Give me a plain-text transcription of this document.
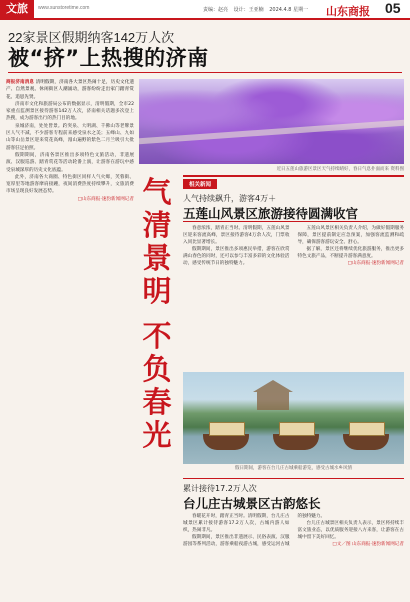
文旅	www.sunstoretime.com	责编：赵亮 设计：王亚楠 2024.4.8 星期一	山东商报 05
22家景区假期纳客142万人次
被“挤”上热搜的济南

商报济南消息 清明假期，济南各大景区热闹十足，历史文化遗产、自然景观、休闲街区人潮涌动，游客纷纷走出家门踏青赏花、追思先贤。

济南市文化和旅游局公布的数据显示，清明假期，全市22家重点监测景区接待游客142万人次，济南相关话题多次登上热搜，成为游客出行的热门目的地。

泉城济南，处处皆景。趵突泉、大明湖、千佛山等老牌景区人气不减，不少游客专程前来感受泉水之美；五峰山、九如山等山岳景区迎来赏花高峰，漫山遍野的紫色二月兰吸引大批游客驻足拍照。

假期期间，济南各景区推出多项特色文旅活动，非遗展演、汉服巡游、踏青赏花等活动轮番上演，让游客在游玩中感受泉城深厚的历史文化底蕴。

此外，济南各大商圈、特色街区同样人气火爆，芙蓉街、宽厚里等地游客摩肩接踵，夜间消费热度持续攀升，文旅消费市场呈现良好发展态势。

□山东商报·速豹新闻网记者

近日五莲山旅游区景区天气持续晴好，春日气息扑面而来 资料图
气
清
景
明
不
负
春
光
相关新闻
人气持续飙升，游客4万＋
五莲山风景区旅游接待圆满收官

春意浓浓，踏青正当时。清明假期，五莲山风景区迎来客流高峰，景区接待游客4万余人次，门票收入同比显著增长。

假期期间，景区推出多项惠民举措，游客在欣赏满山春色的同时，还可以参与丰富多彩的文化体验活动，感受传统节日的独特魅力。

五莲山风景区相关负责人介绍，为做好假期服务保障，景区提前制定应急预案，加强客流监测和疏导，确保游客游玩安全、舒心。

据了解，景区还将继续优化旅游服务，推出更多特色文旅产品，不断提升游客满意度。

□山东商报·速豹新闻网记者

假日期间，游客在台儿庄古城乘船游览，感受古城水乡风情
累计接待17.2万人次
台儿庄古城景区古韵悠长

春暖花开时，踏青正当时。清明假期，台儿庄古城景区累计接待游客17.2万人次，古城内游人如织，热闹非凡。

假期期间，景区推出非遗展示、民俗表演、汉服游园等系列活动，游客乘船夜游古城，感受运河古城的独特魅力。

台儿庄古城景区相关负责人表示，景区将持续丰富文旅业态，以优质服务迎接八方来客，让游客在古城中留下美好回忆。

□文／图 山东商报·速豹新闻网记者
